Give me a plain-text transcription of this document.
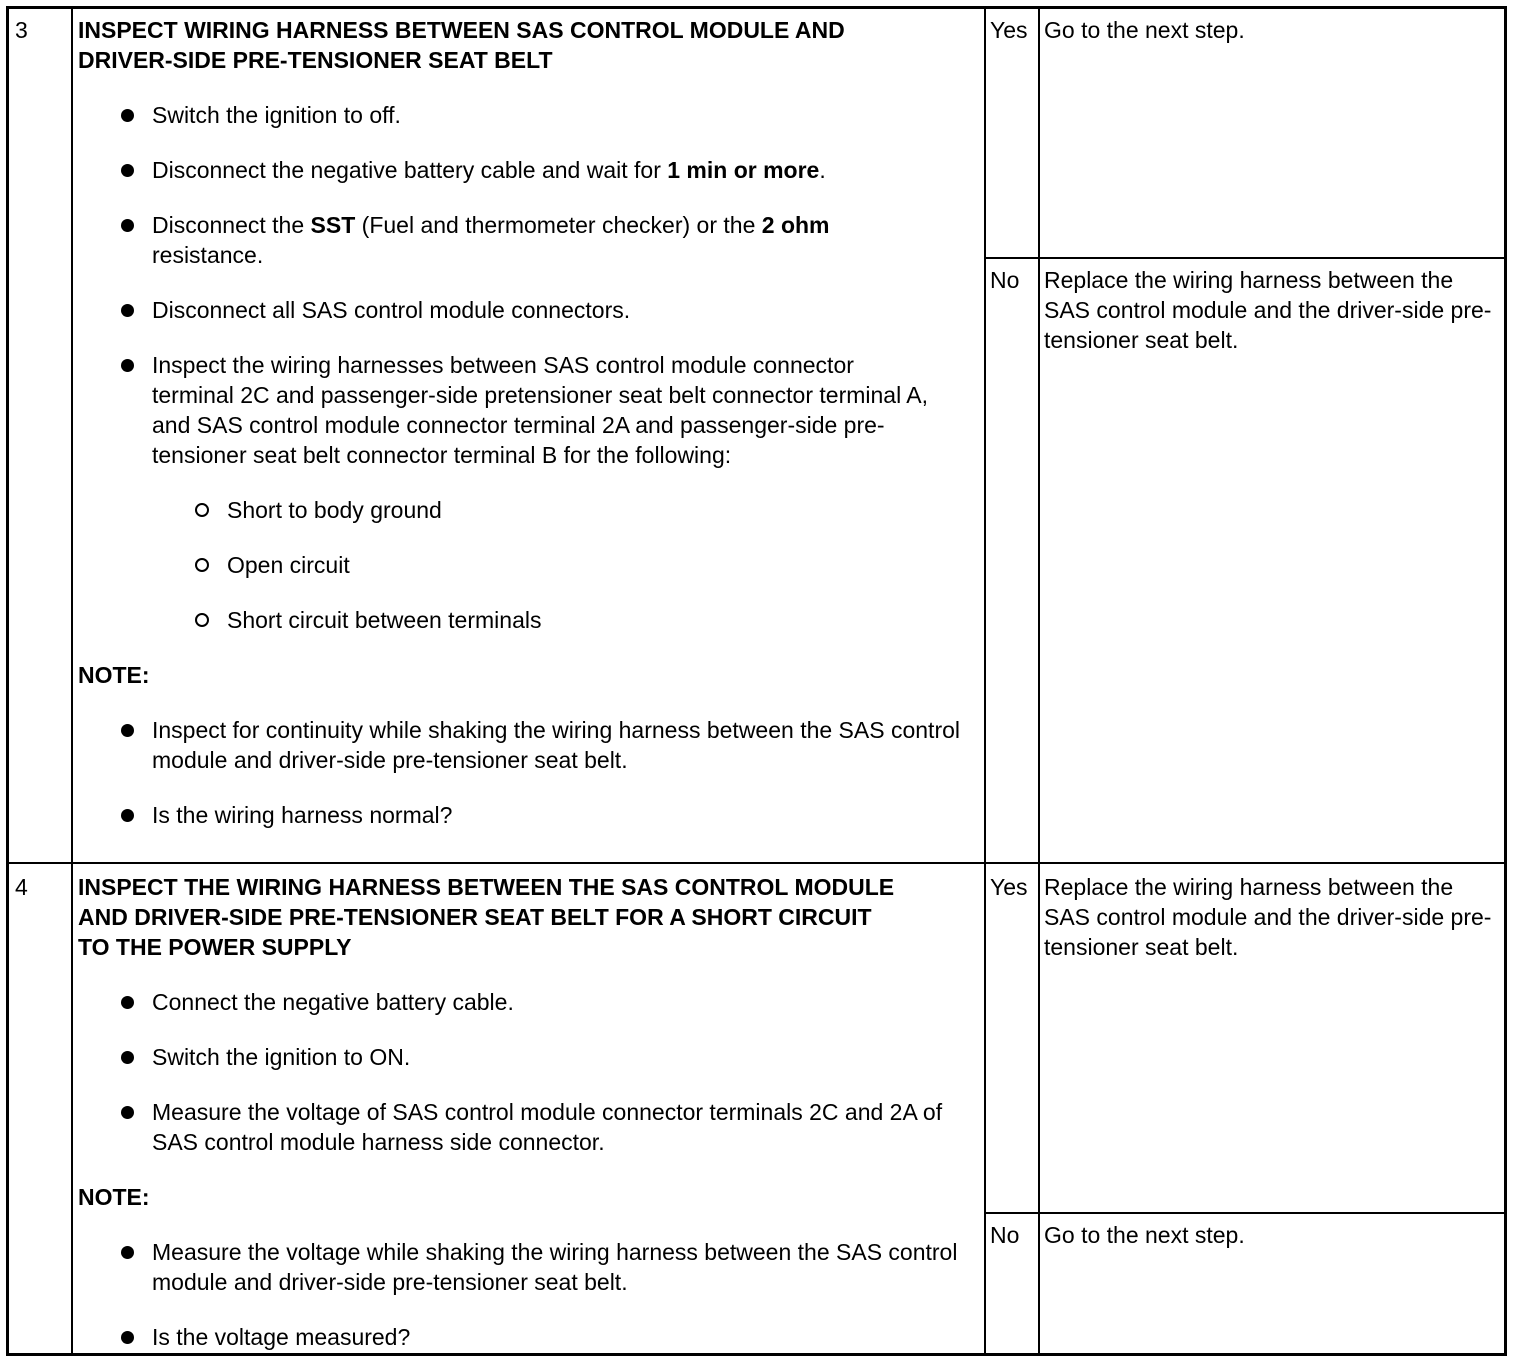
3	INSPECT WIRING HARNESS BETWEEN SAS CONTROL MODULE AND
DRIVER-SIDE PRE-TENSIONER SEAT BELT
Switch the ignition to off.
Disconnect the negative battery cable and wait for 1 min or more.
Disconnect the SST (Fuel and thermometer checker) or the 2 ohm resistance.
Disconnect all SAS control module connectors.
Inspect the wiring harnesses between SAS control module connector terminal 2C and passenger-side pretensioner seat belt connector terminal A, and SAS control module connector terminal 2A and passenger-side pre-tensioner seat belt connector terminal B for the following:
Short to body ground
Open circuit
Short circuit between terminals
NOTE:
Inspect for continuity while shaking the wiring harness between the SAS control module and driver-side pre-tensioner seat belt.
Is the wiring harness normal?
Yes Go to the next step.
No Replace the wiring harness between the SAS control module and the driver-side pre-tensioner seat belt.
4	INSPECT THE WIRING HARNESS BETWEEN THE SAS CONTROL MODULE
AND DRIVER-SIDE PRE-TENSIONER SEAT BELT FOR A SHORT CIRCUIT
TO THE POWER SUPPLY
Connect the negative battery cable.
Switch the ignition to ON.
Measure the voltage of SAS control module connector terminals 2C and 2A of SAS control module harness side connector.
NOTE:
Measure the voltage while shaking the wiring harness between the SAS control module and driver-side pre-tensioner seat belt.
Is the voltage measured?
Yes Replace the wiring harness between the SAS control module and the driver-side pre-tensioner seat belt.
No Go to the next step.
